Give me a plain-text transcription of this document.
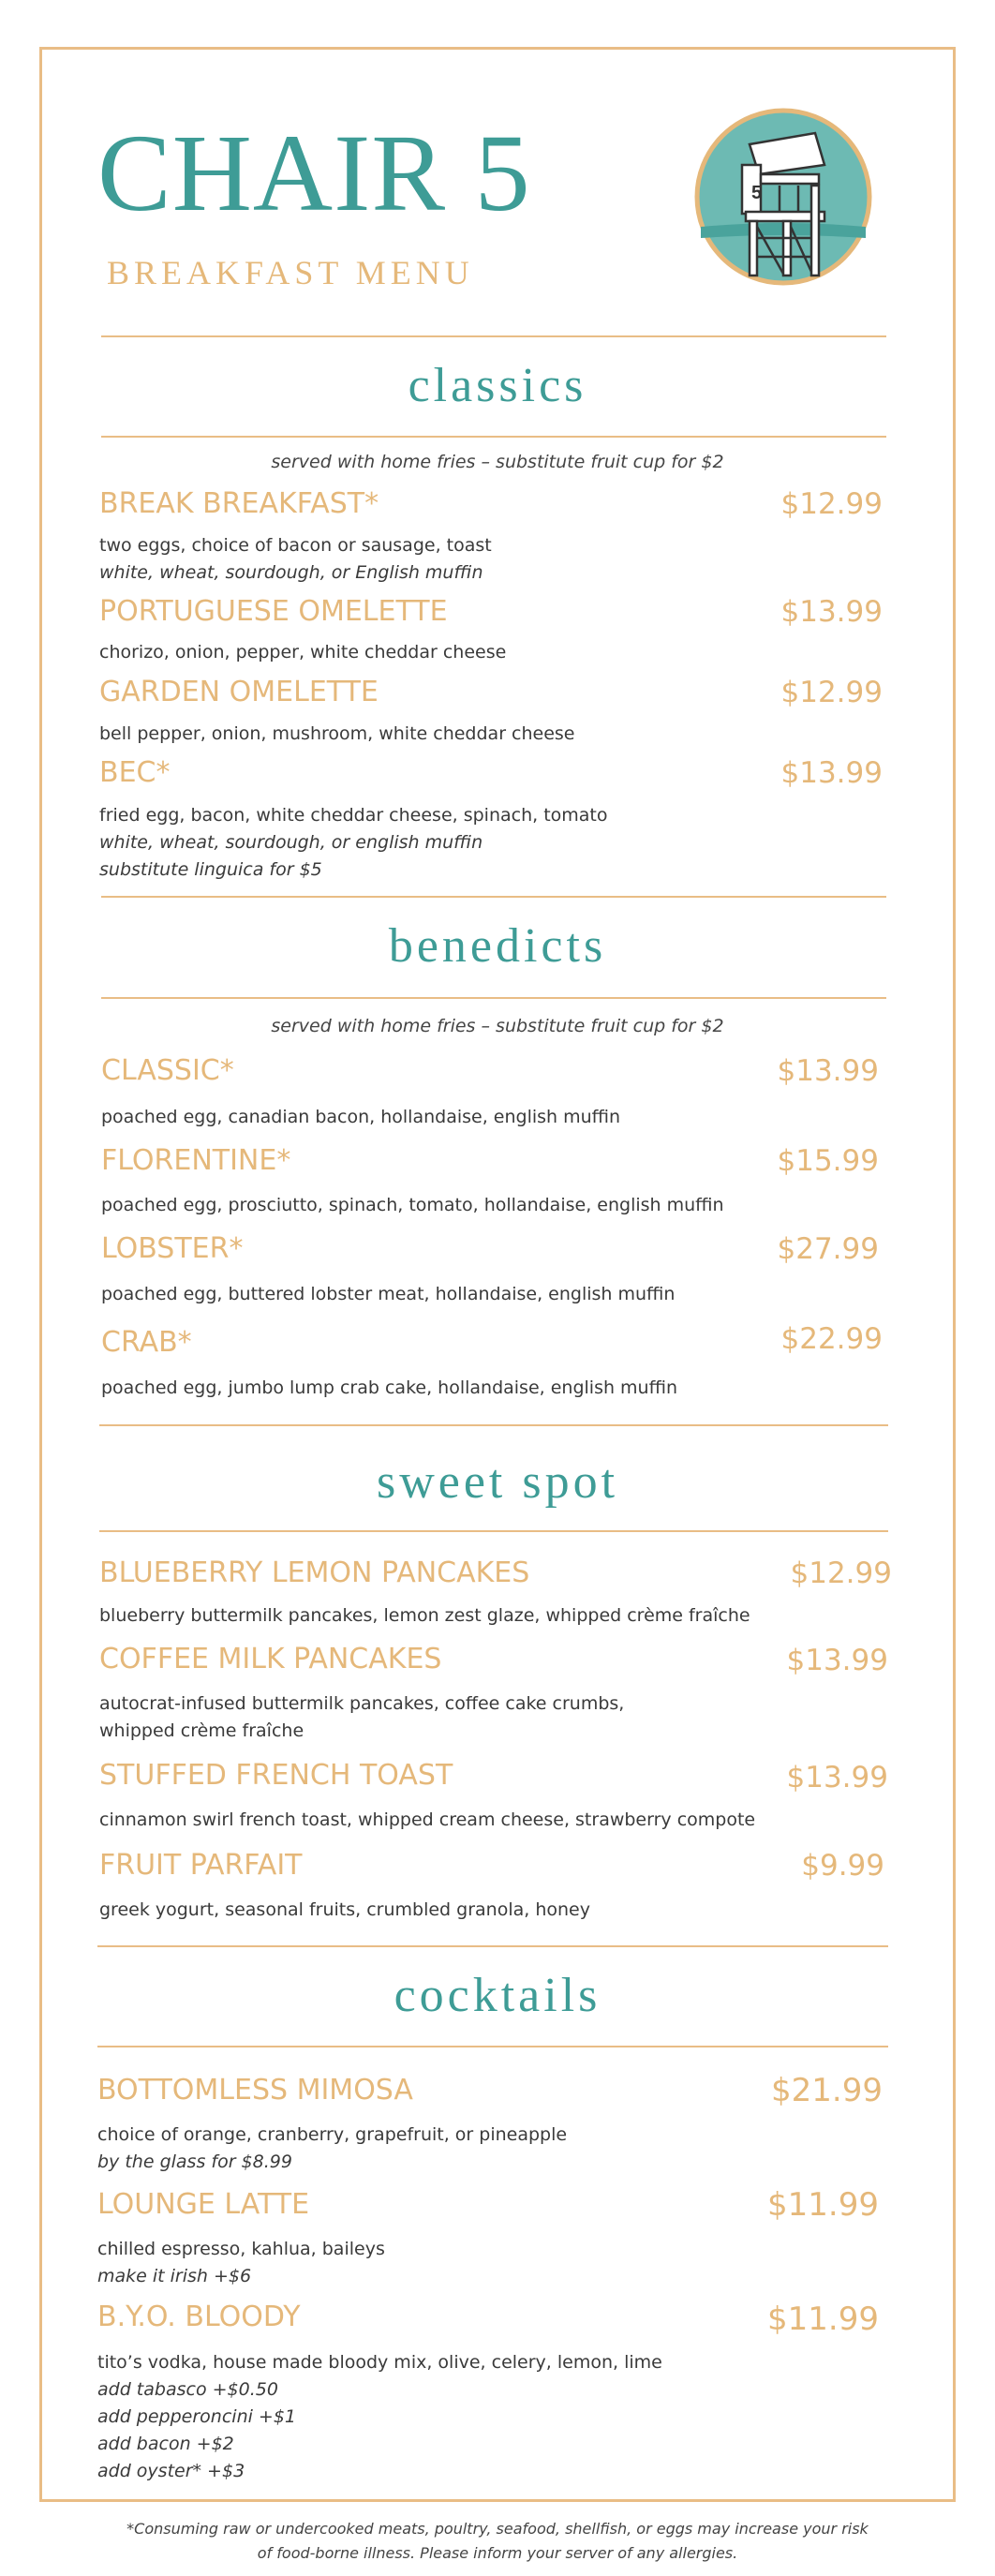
CHAIR 5
BREAKFAST MENU
5
classics
served with home fries – substitute fruit cup for $2
BREAK BREAKFAST*	$12.99
two eggs, choice of bacon or sausage, toast
white, wheat, sourdough, or English muffin
PORTUGUESE OMELETTE	$13.99
chorizo, onion, pepper, white cheddar cheese
GARDEN OMELETTE	$12.99
bell pepper, onion, mushroom, white cheddar cheese
BEC*	$13.99
fried egg, bacon, white cheddar cheese, spinach, tomato
white, wheat, sourdough, or english muffin
substitute linguica for $5
benedicts
served with home fries – substitute fruit cup for $2
CLASSIC*	$13.99
poached egg, canadian bacon, hollandaise, english muffin
FLORENTINE*	$15.99
poached egg, prosciutto, spinach, tomato, hollandaise, english muffin
LOBSTER*	$27.99
poached egg, buttered lobster meat, hollandaise, english muffin
CRAB*	$22.99
poached egg, jumbo lump crab cake, hollandaise, english muffin
sweet spot
BLUEBERRY LEMON PANCAKES	$12.99
blueberry buttermilk pancakes, lemon zest glaze, whipped crème fraîche
COFFEE MILK PANCAKES	$13.99
autocrat-infused buttermilk pancakes, coffee cake crumbs,
whipped crème fraîche
STUFFED FRENCH TOAST	$13.99
cinnamon swirl french toast, whipped cream cheese, strawberry compote
FRUIT PARFAIT	$9.99
greek yogurt, seasonal fruits, crumbled granola, honey
cocktails
BOTTOMLESS MIMOSA	$21.99
choice of orange, cranberry, grapefruit, or pineapple
by the glass for $8.99
LOUNGE LATTE	$11.99
chilled espresso, kahlua, baileys
make it irish +$6
B.Y.O. BLOODY	$11.99
tito’s vodka, house made bloody mix, olive, celery, lemon, lime
add tabasco +$0.50
add pepperoncini +$1
add bacon +$2
add oyster* +$3
*Consuming raw or undercooked meats, poultry, seafood, shellfish, or eggs may increase your risk
of food-borne illness. Please inform your server of any allergies.
